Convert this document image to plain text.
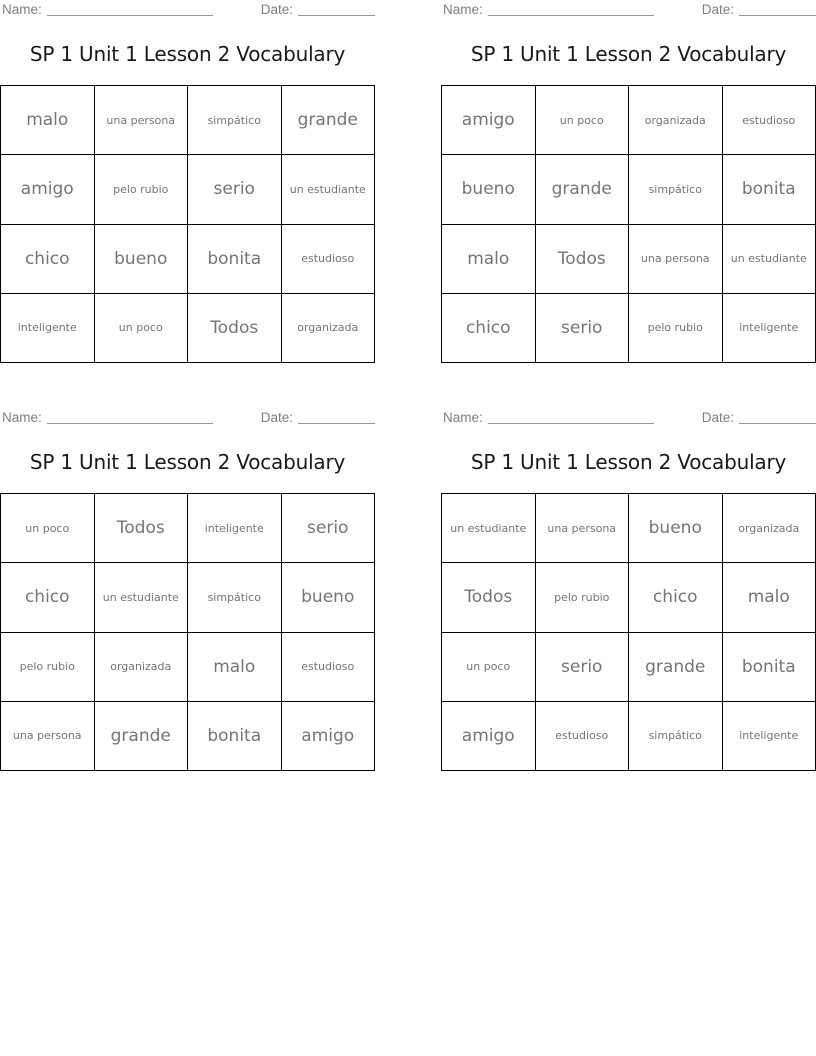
Name:	Date:
SP 1 Unit 1 Lesson 2 Vocabulary
malo	una persona	simpático	grande
amigo	pelo rubio	serio	un estudiante
chico	bueno	bonita	estudioso
inteligente	un poco	Todos	organizada
Name:	Date:
SP 1 Unit 1 Lesson 2 Vocabulary
amigo	un poco	organizada	estudioso
bueno	grande	simpático	bonita
malo	Todos	una persona	un estudiante
chico	serio	pelo rubio	inteligente
Name:	Date:
SP 1 Unit 1 Lesson 2 Vocabulary
un poco	Todos	inteligente	serio
chico	un estudiante	simpático	bueno
pelo rubio	organizada	malo	estudioso
una persona	grande	bonita	amigo
Name:	Date:
SP 1 Unit 1 Lesson 2 Vocabulary
un estudiante	una persona	bueno	organizada
Todos	pelo rubio	chico	malo
un poco	serio	grande	bonita
amigo	estudioso	simpático	inteligente
